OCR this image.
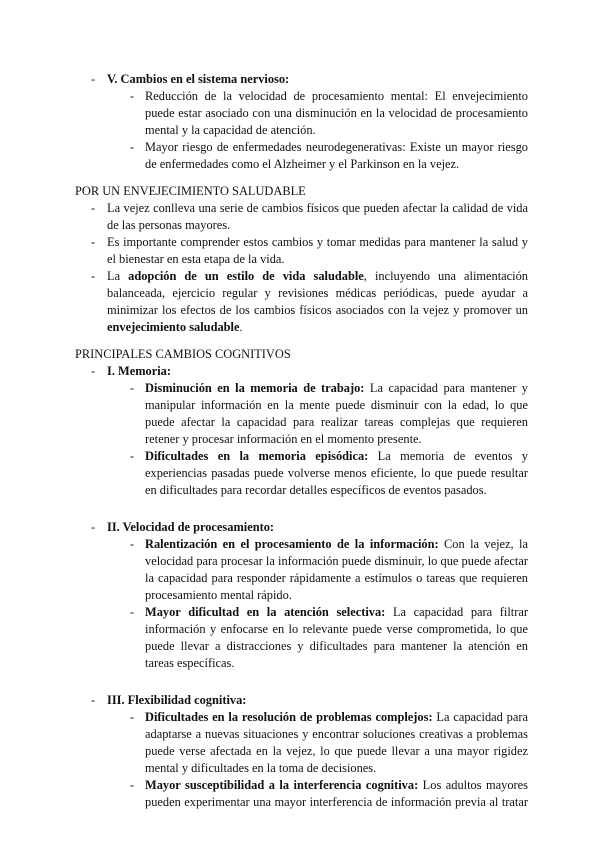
- V. Cambios en el sistema nervioso:
- Reducción de la velocidad de procesamiento mental: El envejecimiento puede estar asociado con una disminución en la velocidad de procesamiento mental y la capacidad de atención.
- Mayor riesgo de enfermedades neurodegenerativas: Existe un mayor riesgo de enfermedades como el Alzheimer y el Parkinson en la vejez.
POR UN ENVEJECIMIENTO SALUDABLE
- La vejez conlleva una serie de cambios físicos que pueden afectar la calidad de vida de las personas mayores.
- Es importante comprender estos cambios y tomar medidas para mantener la salud y el bienestar en esta etapa de la vida.
- La adopción de un estilo de vida saludable, incluyendo una alimentación balanceada, ejercicio regular y revisiones médicas periódicas, puede ayudar a minimizar los efectos de los cambios físicos asociados con la vejez y promover un envejecimiento saludable.
PRINCIPALES CAMBIOS COGNITIVOS
- I. Memoria:
- Disminución en la memoria de trabajo: La capacidad para mantener y manipular información en la mente puede disminuir con la edad, lo que puede afectar la capacidad para realizar tareas complejas que requieren retener y procesar información en el momento presente.
- Dificultades en la memoria episódica: La memoria de eventos y experiencias pasadas puede volverse menos eficiente, lo que puede resultar en dificultades para recordar detalles específicos de eventos pasados.
- II. Velocidad de procesamiento:
- Ralentización en el procesamiento de la información: Con la vejez, la velocidad para procesar la información puede disminuir, lo que puede afectar la capacidad para responder rápidamente a estímulos o tareas que requieren procesamiento mental rápido.
- Mayor dificultad en la atención selectiva: La capacidad para filtrar información y enfocarse en lo relevante puede verse comprometida, lo que puede llevar a distracciones y dificultades para mantener la atención en tareas específicas.
- III. Flexibilidad cognitiva:
- Dificultades en la resolución de problemas complejos: La capacidad para adaptarse a nuevas situaciones y encontrar soluciones creativas a problemas puede verse afectada en la vejez, lo que puede llevar a una mayor rigidez mental y dificultades en la toma de decisiones.
- Mayor susceptibilidad a la interferencia cognitiva: Los adultos mayores pueden experimentar una mayor interferencia de información previa al tratar
